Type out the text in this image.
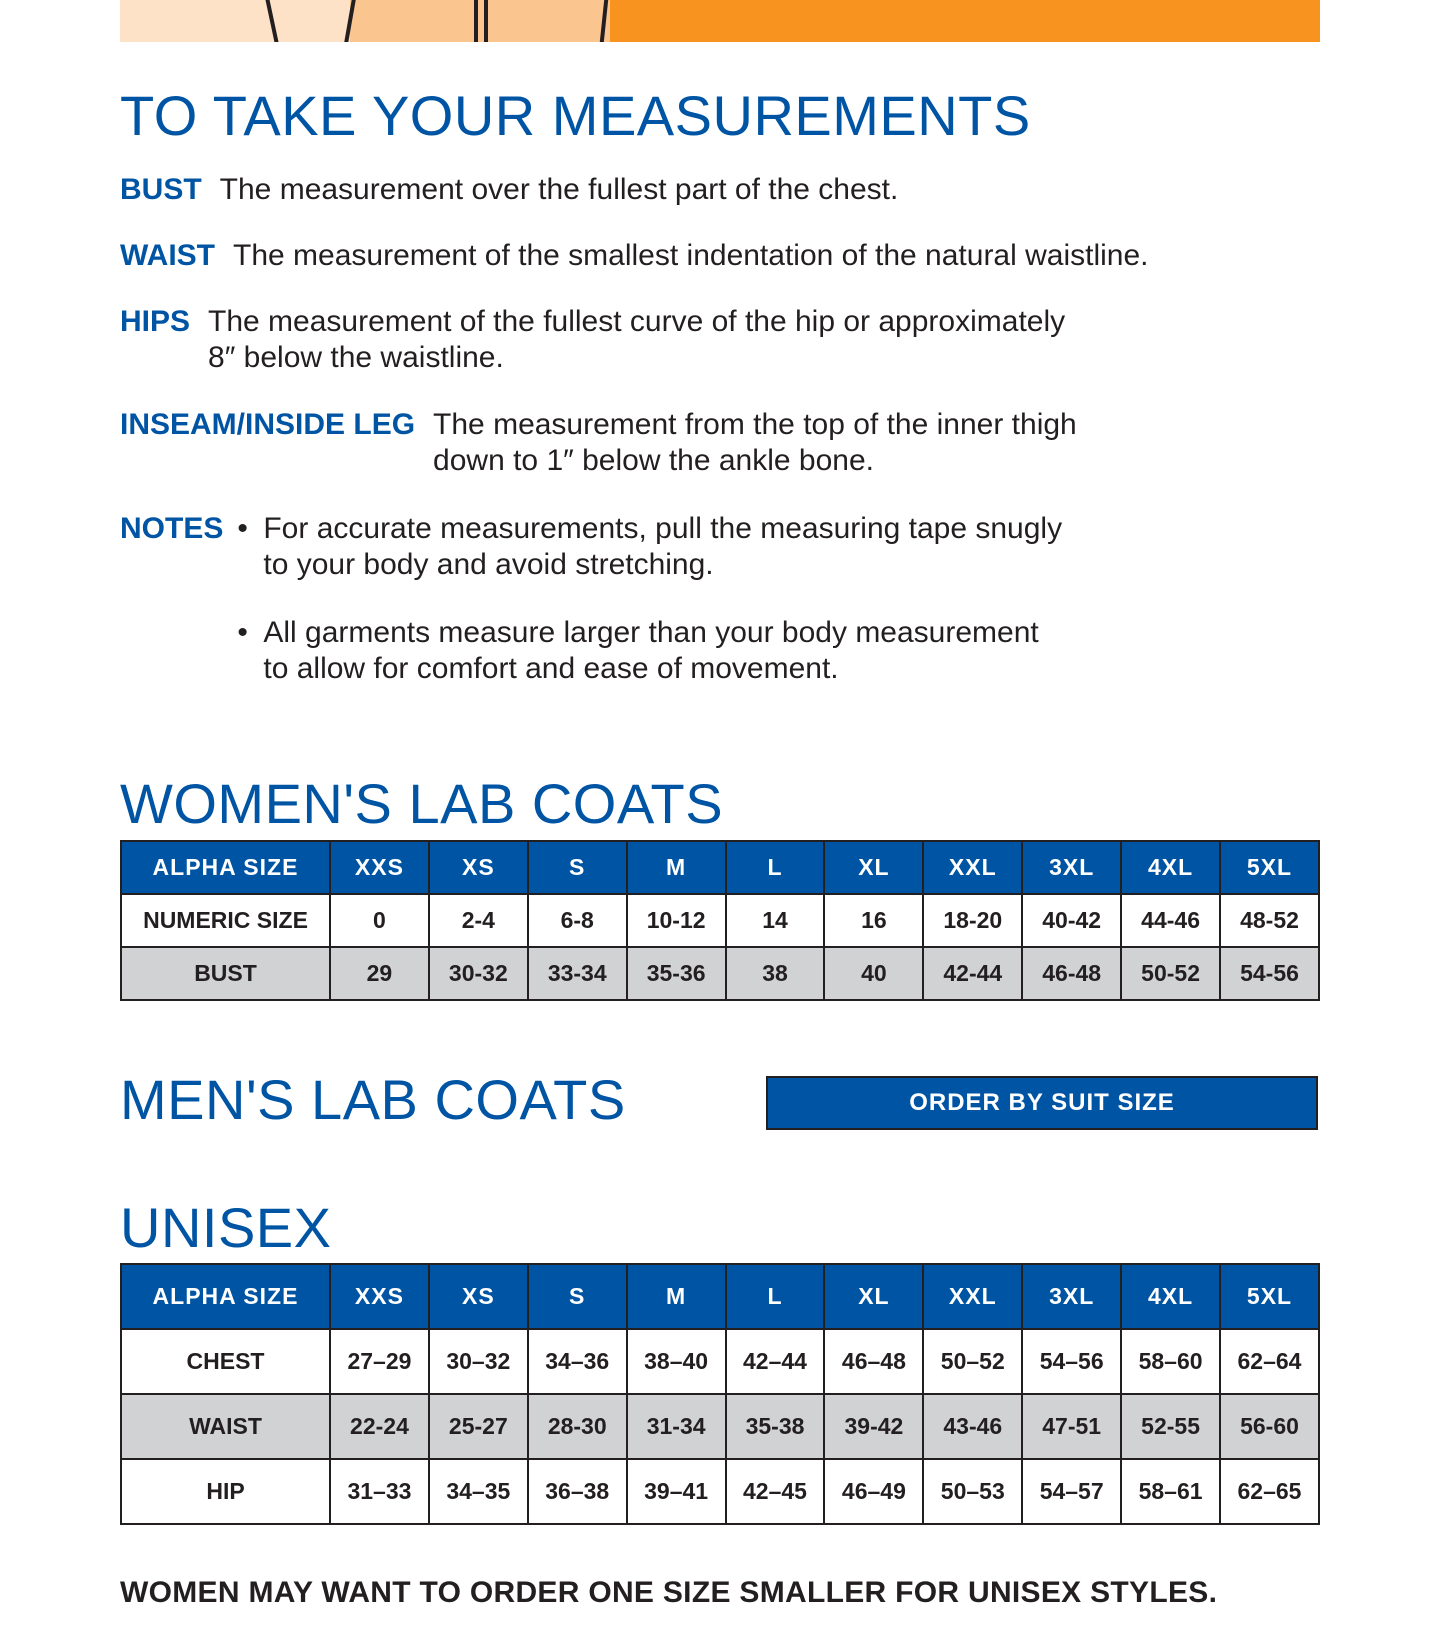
TO TAKE YOUR MEASUREMENTS
BUST The measurement over the fullest part of the chest.
WAIST The measurement of the smallest indentation of the natural waistline.
HIPS The measurement of the fullest curve of the hip or approximately
8″ below the waistline.
INSEAM/INSIDE LEG The measurement from the top of the inner thigh
down to 1″ below the ankle bone.
NOTES • For accurate measurements, pull the measuring tape snugly
to your body and avoid stretching.
• All garments measure larger than your body measurement
to allow for comfort and ease of movement.
WOMEN'S LAB COATS
ALPHA SIZE	XXS	XS	S	M	L	XL	XXL	3XL	4XL	5XL
NUMERIC SIZE	0	2-4	6-8	10-12	14	16	18-20	40-42	44-46	48-52
BUST	29	30-32	33-34	35-36	38	40	42-44	46-48	50-52	54-56
MEN'S LAB COATS	ORDER BY SUIT SIZE
UNISEX
ALPHA SIZE	XXS	XS	S	M	L	XL	XXL	3XL	4XL	5XL
CHEST	27–29	30–32	34–36	38–40	42–44	46–48	50–52	54–56	58–60	62–64
WAIST	22-24	25-27	28-30	31-34	35-38	39-42	43-46	47-51	52-55	56-60
HIP	31–33	34–35	36–38	39–41	42–45	46–49	50–53	54–57	58–61	62–65

WOMEN MAY WANT TO ORDER ONE SIZE SMALLER FOR UNISEX STYLES.
